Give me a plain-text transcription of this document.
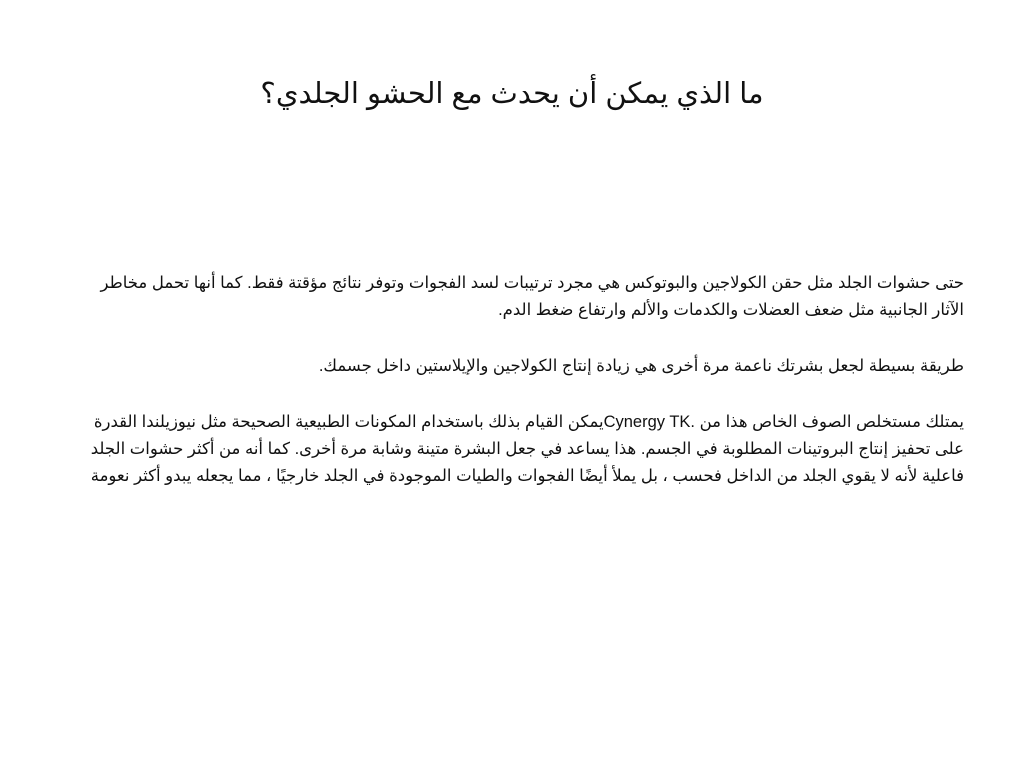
ما الذي يمكن أن يحدث مع الحشو الجلدي؟

حتى حشوات الجلد مثل حقن الكولاجين والبوتوكس هي مجرد ترتيبات لسد الفجوات وتوفر نتائج مؤقتة فقط. كما أنها تحمل مخاطر الآثار الجانبية مثل ضعف العضلات والكدمات والألم وارتفاع ضغط الدم.

طريقة بسيطة لجعل بشرتك ناعمة مرة أخرى هي زيادة إنتاج الكولاجين والإيلاستين داخل جسمك.

يمتلك مستخلص الصوف الخاص هذا من Cynergy TK.يمكن القيام بذلك باستخدام المكونات الطبيعية الصحيحة مثل نيوزيلندا القدرة على تحفيز إنتاج البروتينات المطلوبة في الجسم. هذا يساعد في جعل البشرة متينة وشابة مرة أخرى. كما أنه من أكثر حشوات الجلد فاعلية لأنه لا يقوي الجلد من الداخل فحسب ، بل يملأ أيضًا الفجوات والطيات الموجودة في الجلد خارجيًا ، مما يجعله يبدو أكثر نعومة
